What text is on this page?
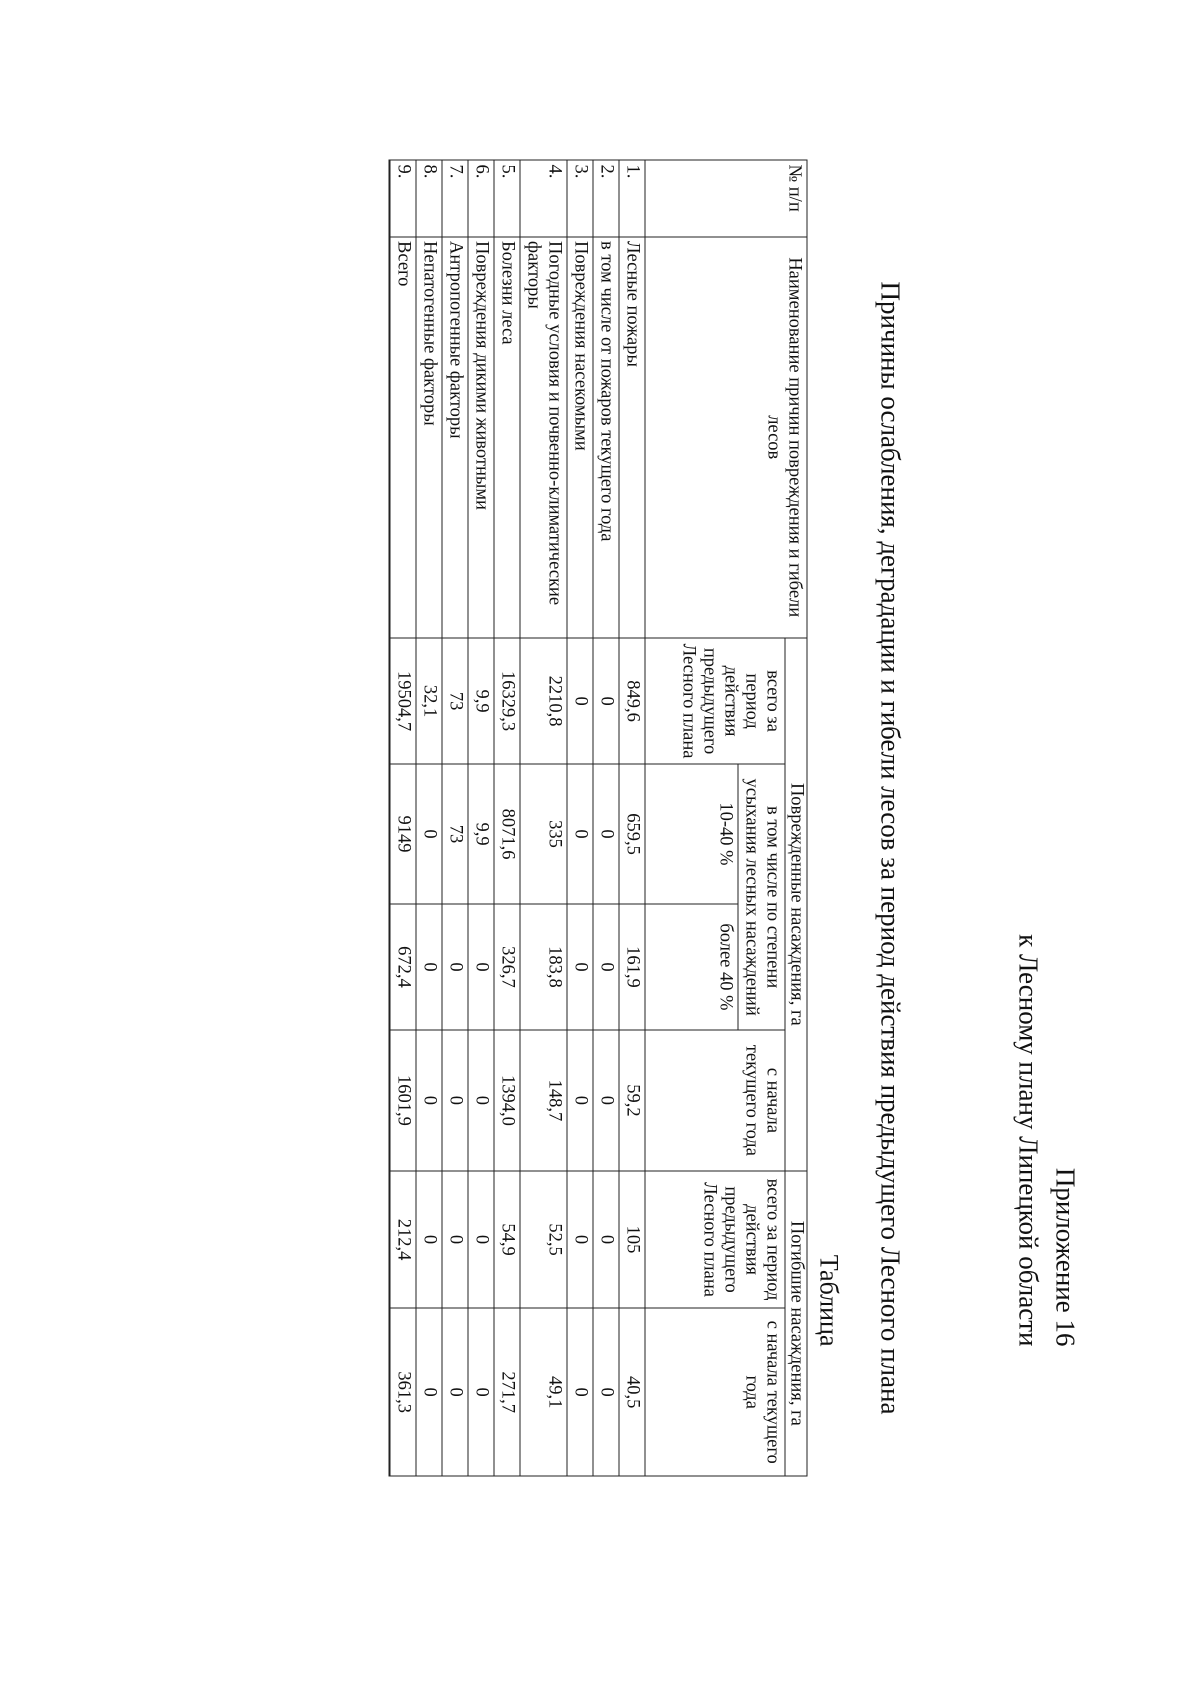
Приложение 16
к Лесному плану Липецкой области
Причины ослабления, деградации и гибели лесов за период действия предыдущего Лесного плана
Таблица
№ п/п	Наименование причин повреждения и гибели лесов	Поврежденные насаждения, га				Погибшие насаждения, га	
		всего за период действия предыдущего Лесного плана	в том числе по степени усыхания лесных насаждений		с начала текущего года	всего за период действия предыдущего Лесного плана	с начала текущего года
			10-40 %	более 40 %			
1.	Лесные пожары	849,6	659,5	161,9	59,2	105	40,5
2.	в том числе от пожаров текущего года	0	0	0	0	0	0
3.	Повреждения насекомыми	0	0	0	0	0	0
4.	Погодные условия и почвенно-климатические факторы	2210,8	335	183,8	148,7	52,5	49,1
5.	Болезни леса	16329,3	8071,6	326,7	1394,0	54,9	271,7
6.	Повреждения дикими животными	9,9	9,9	0	0	0	0
7.	Антропогенные факторы	73	73	0	0	0	0
8.	Непатогенные факторы	32,1	0	0	0	0	0
9.	Всего	19504,7	9149	672,4	1601,9	212,4	361,3
